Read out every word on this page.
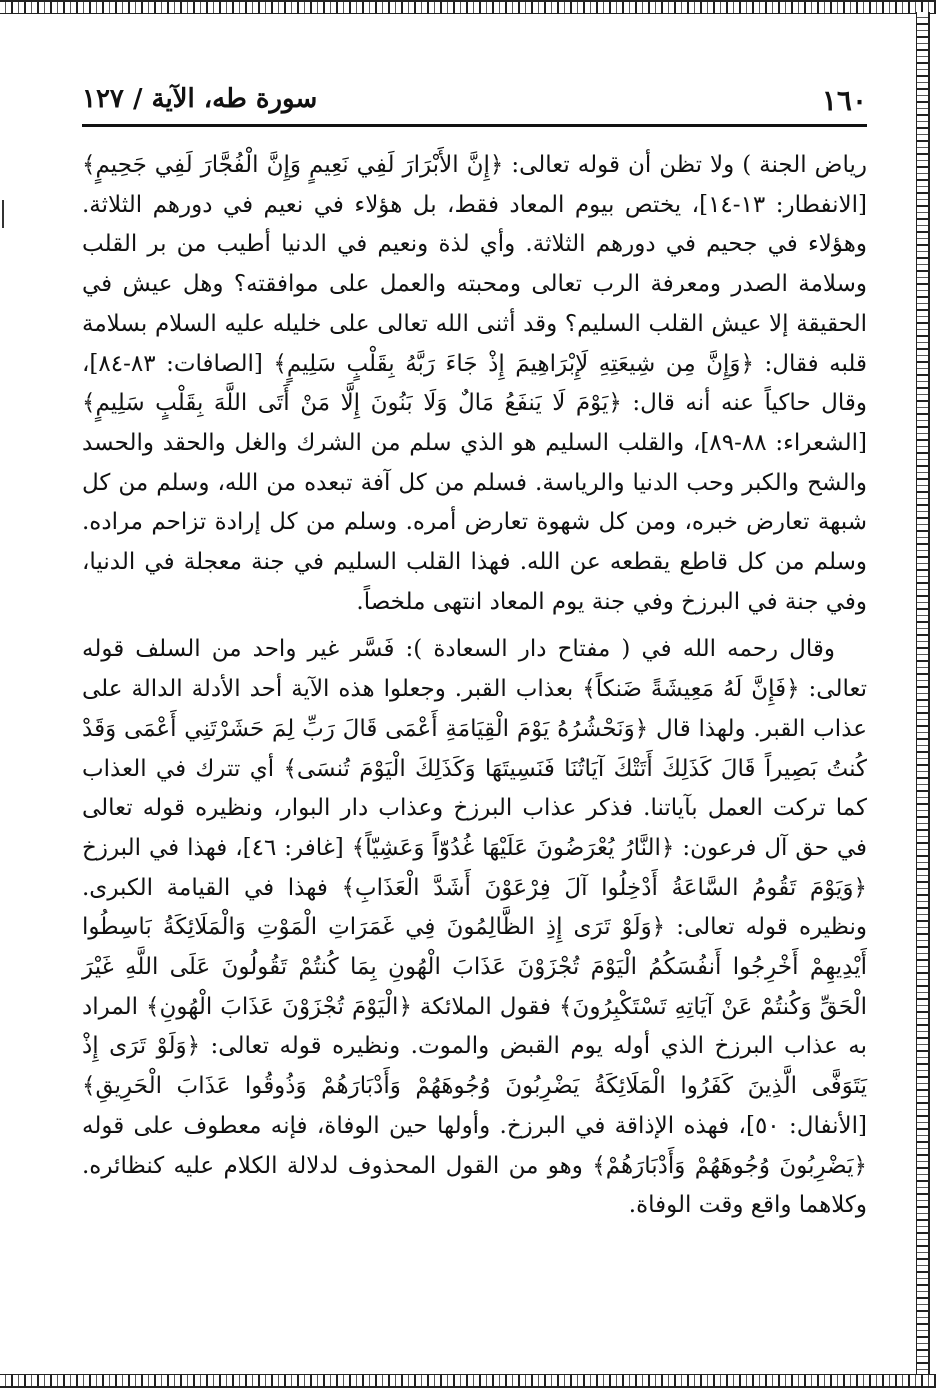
١٦٠
سورة طه، الآية / ١٢٧

رياض الجنة ) ولا تظن أن قوله تعالى: ﴿إِنَّ الأَبْرَارَ لَفِي نَعِيمٍ وَإِنَّ الْفُجَّارَ لَفِي جَحِيمٍ﴾ [الانفطار: ١٣-١٤]، يختص بيوم المعاد فقط، بل هؤلاء في نعيم في دورهم الثلاثة. وهؤلاء في جحيم في دورهم الثلاثة. وأي لذة ونعيم في الدنيا أطيب من بر القلب وسلامة الصدر ومعرفة الرب تعالى ومحبته والعمل على موافقته؟ وهل عيش في الحقيقة إلا عيش القلب السليم؟ وقد أثنى الله تعالى على خليله عليه السلام بسلامة قلبه فقال: ﴿وَإِنَّ مِن شِيعَتِهِ لَإِبْرَاهِيمَ إِذْ جَاءَ رَبَّهُ بِقَلْبٍ سَلِيمٍ﴾ [الصافات: ٨٣-٨٤]، وقال حاكياً عنه أنه قال: ﴿يَوْمَ لَا يَنفَعُ مَالٌ وَلَا بَنُونَ إِلَّا مَنْ أَتَى اللَّهَ بِقَلْبٍ سَلِيمٍ﴾ [الشعراء: ٨٨-٨٩]، والقلب السليم هو الذي سلم من الشرك والغل والحقد والحسد والشح والكبر وحب الدنيا والرياسة. فسلم من كل آفة تبعده من الله، وسلم من كل شبهة تعارض خبره، ومن كل شهوة تعارض أمره. وسلم من كل إرادة تزاحم مراده. وسلم من كل قاطع يقطعه عن الله. فهذا القلب السليم في جنة معجلة في الدنيا، وفي جنة في البرزخ وفي جنة يوم المعاد انتهى ملخصاً.

وقال رحمه الله في ( مفتاح دار السعادة ): فَسَّر غير واحد من السلف قوله تعالى: ﴿فَإِنَّ لَهُ مَعِيشَةً ضَنكاً﴾ بعذاب القبر. وجعلوا هذه الآية أحد الأدلة الدالة على عذاب القبر. ولهذا قال ﴿وَنَحْشُرُهُ يَوْمَ الْقِيَامَةِ أَعْمَى قَالَ رَبِّ لِمَ حَشَرْتَنِي أَعْمَى وَقَدْ كُنتُ بَصِيراً قَالَ كَذَلِكَ أَتَتْكَ آيَاتُنَا فَنَسِيتَهَا وَكَذَلِكَ الْيَوْمَ تُنسَى﴾ أي تترك في العذاب كما تركت العمل بآياتنا. فذكر عذاب البرزخ وعذاب دار البوار، ونظيره قوله تعالى في حق آل فرعون: ﴿النَّارُ يُعْرَضُونَ عَلَيْهَا غُدُوّاً وَعَشِيّاً﴾ [غافر: ٤٦]، فهذا في البرزخ ﴿وَيَوْمَ تَقُومُ السَّاعَةُ أَدْخِلُوا آلَ فِرْعَوْنَ أَشَدَّ الْعَذَابِ﴾ فهذا في القيامة الكبرى. ونظيره قوله تعالى: ﴿وَلَوْ تَرَى إِذِ الظَّالِمُونَ فِي غَمَرَاتِ الْمَوْتِ وَالْمَلَائِكَةُ بَاسِطُوا أَيْدِيهِمْ أَخْرِجُوا أَنفُسَكُمُ الْيَوْمَ تُجْزَوْنَ عَذَابَ الْهُونِ بِمَا كُنتُمْ تَقُولُونَ عَلَى اللَّهِ غَيْرَ الْحَقِّ وَكُنتُمْ عَنْ آيَاتِهِ تَسْتَكْبِرُونَ﴾ فقول الملائكة ﴿الْيَوْمَ تُجْزَوْنَ عَذَابَ الْهُونِ﴾ المراد به عذاب البرزخ الذي أوله يوم القبض والموت. ونظيره قوله تعالى: ﴿وَلَوْ تَرَى إِذْ يَتَوَفَّى الَّذِينَ كَفَرُوا الْمَلَائِكَةُ يَضْرِبُونَ وُجُوهَهُمْ وَأَدْبَارَهُمْ وَذُوقُوا عَذَابَ الْحَرِيقِ﴾ [الأنفال: ٥٠]، فهذه الإذاقة في البرزخ. وأولها حين الوفاة، فإنه معطوف على قوله ﴿يَضْرِبُونَ وُجُوهَهُمْ وَأَدْبَارَهُمْ﴾ وهو من القول المحذوف لدلالة الكلام عليه كنظائره. وكلاهما واقع وقت الوفاة.
